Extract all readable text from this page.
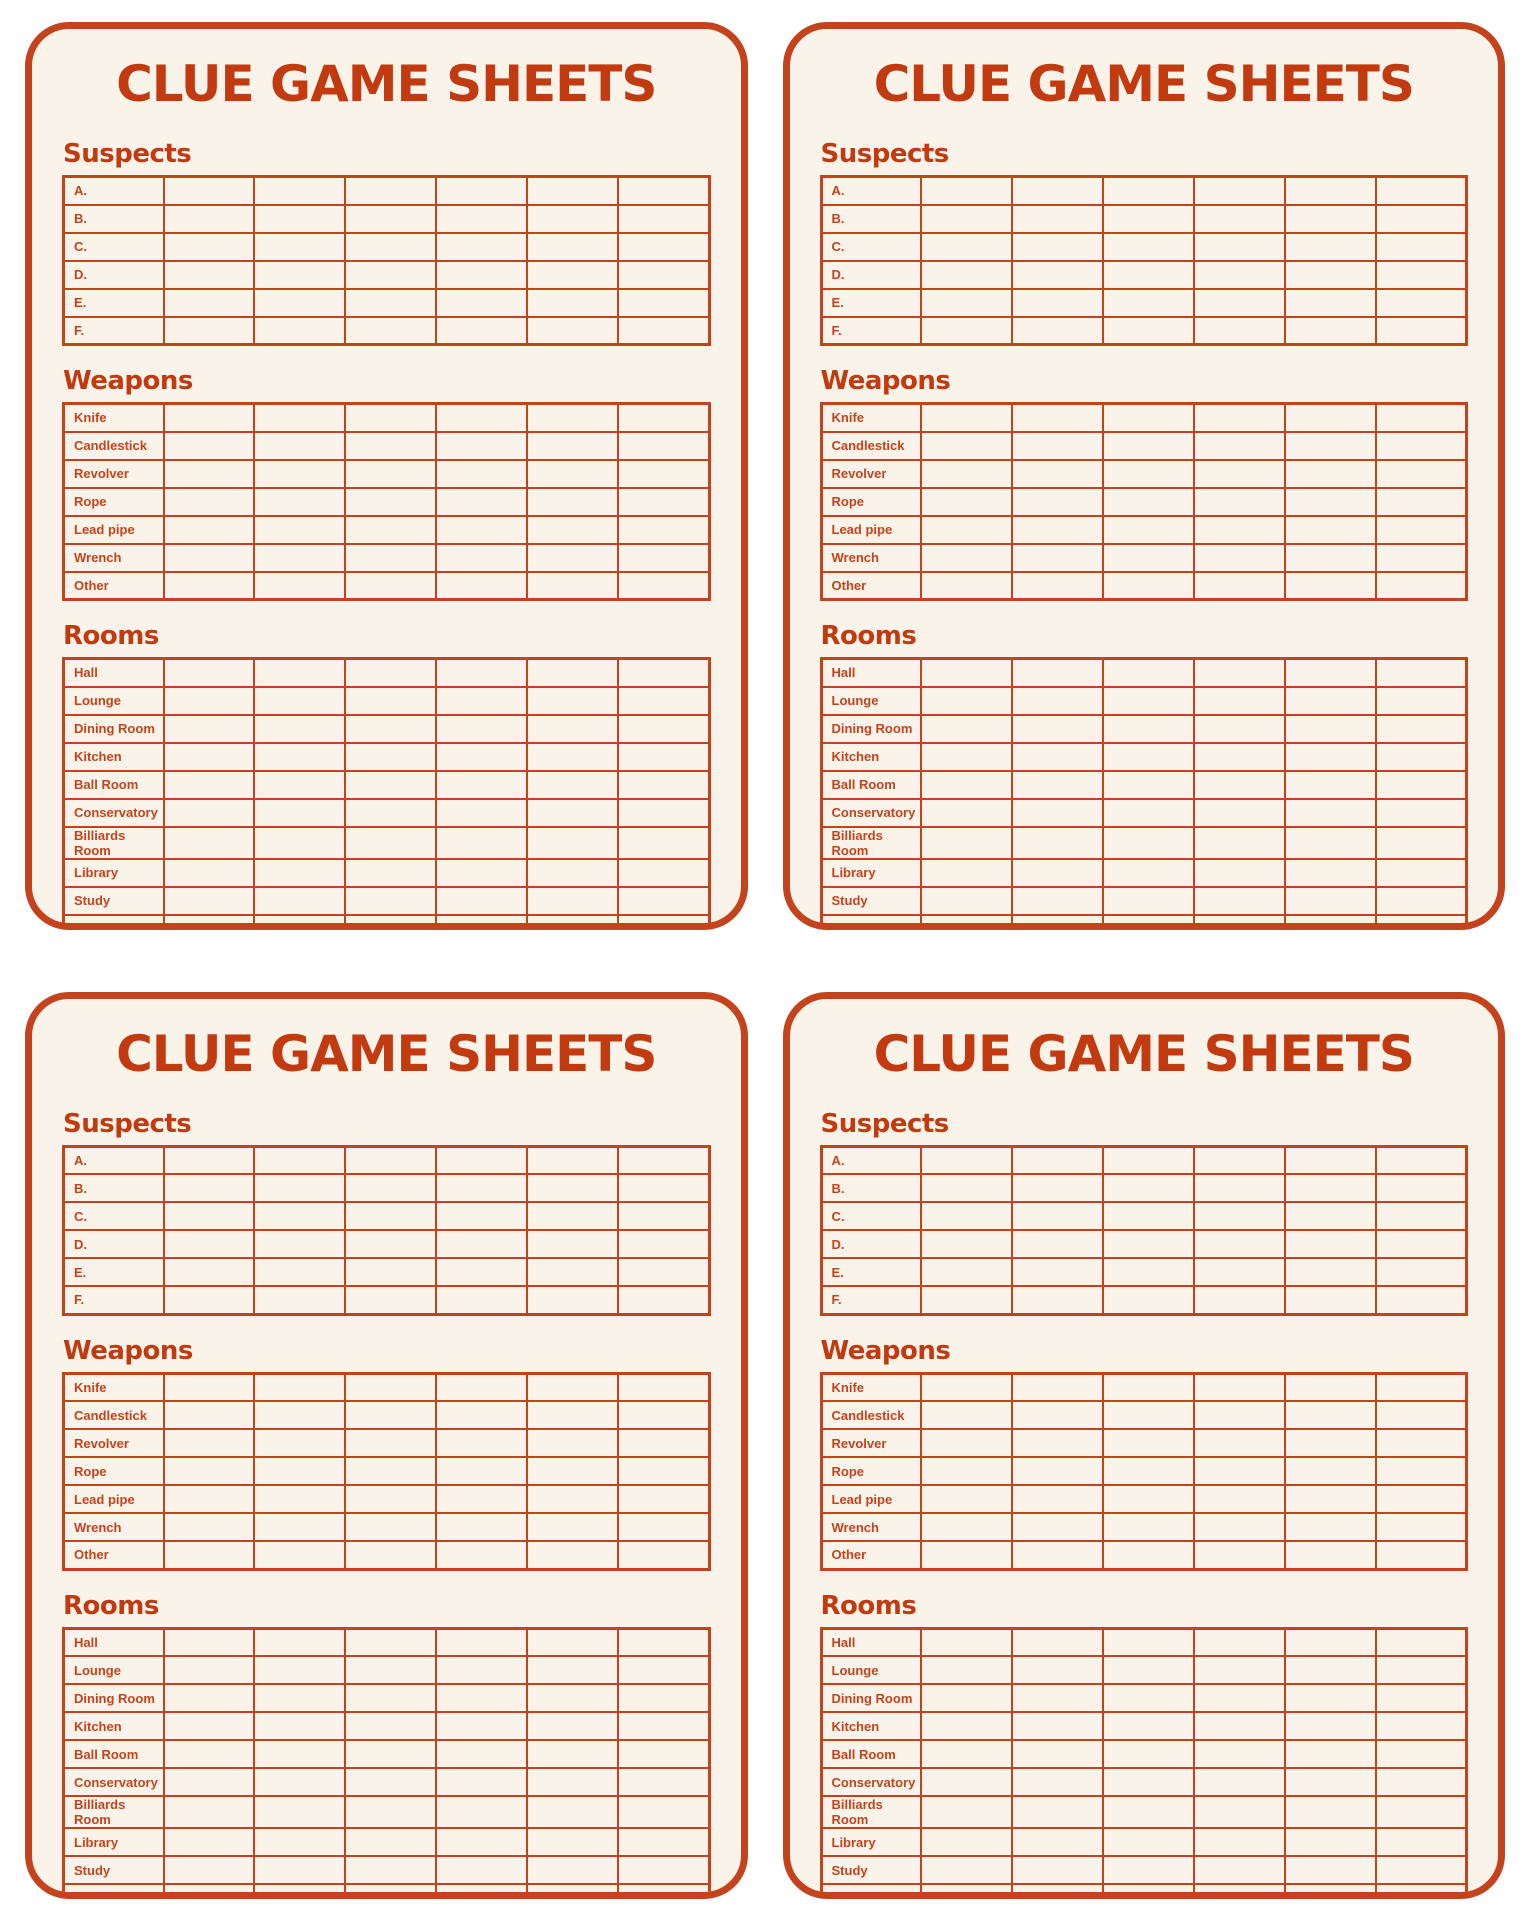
CLUE GAME SHEETS
Suspects
A.						
B.						
C.						
D.						
E.						
F.						
Weapons
Knife						
Candlestick						
Revolver						
Rope						
Lead pipe						
Wrench						
Other						
Rooms
Hall						
Lounge						
Dining Room						
Kitchen						
Ball Room						
Conservatory						
Billiards Room						
Library						
Study						
Other						
CLUE GAME SHEETS
Suspects
A.						
B.						
C.						
D.						
E.						
F.						
Weapons
Knife						
Candlestick						
Revolver						
Rope						
Lead pipe						
Wrench						
Other						
Rooms
Hall						
Lounge						
Dining Room						
Kitchen						
Ball Room						
Conservatory						
Billiards Room						
Library						
Study						
Other						
CLUE GAME SHEETS
Suspects
A.						
B.						
C.						
D.						
E.						
F.						
Weapons
Knife						
Candlestick						
Revolver						
Rope						
Lead pipe						
Wrench						
Other						
Rooms
Hall						
Lounge						
Dining Room						
Kitchen						
Ball Room						
Conservatory						
Billiards Room						
Library						
Study						
Other						
CLUE GAME SHEETS
Suspects
A.						
B.						
C.						
D.						
E.						
F.						
Weapons
Knife						
Candlestick						
Revolver						
Rope						
Lead pipe						
Wrench						
Other						
Rooms
Hall						
Lounge						
Dining Room						
Kitchen						
Ball Room						
Conservatory						
Billiards Room						
Library						
Study						
Other						
